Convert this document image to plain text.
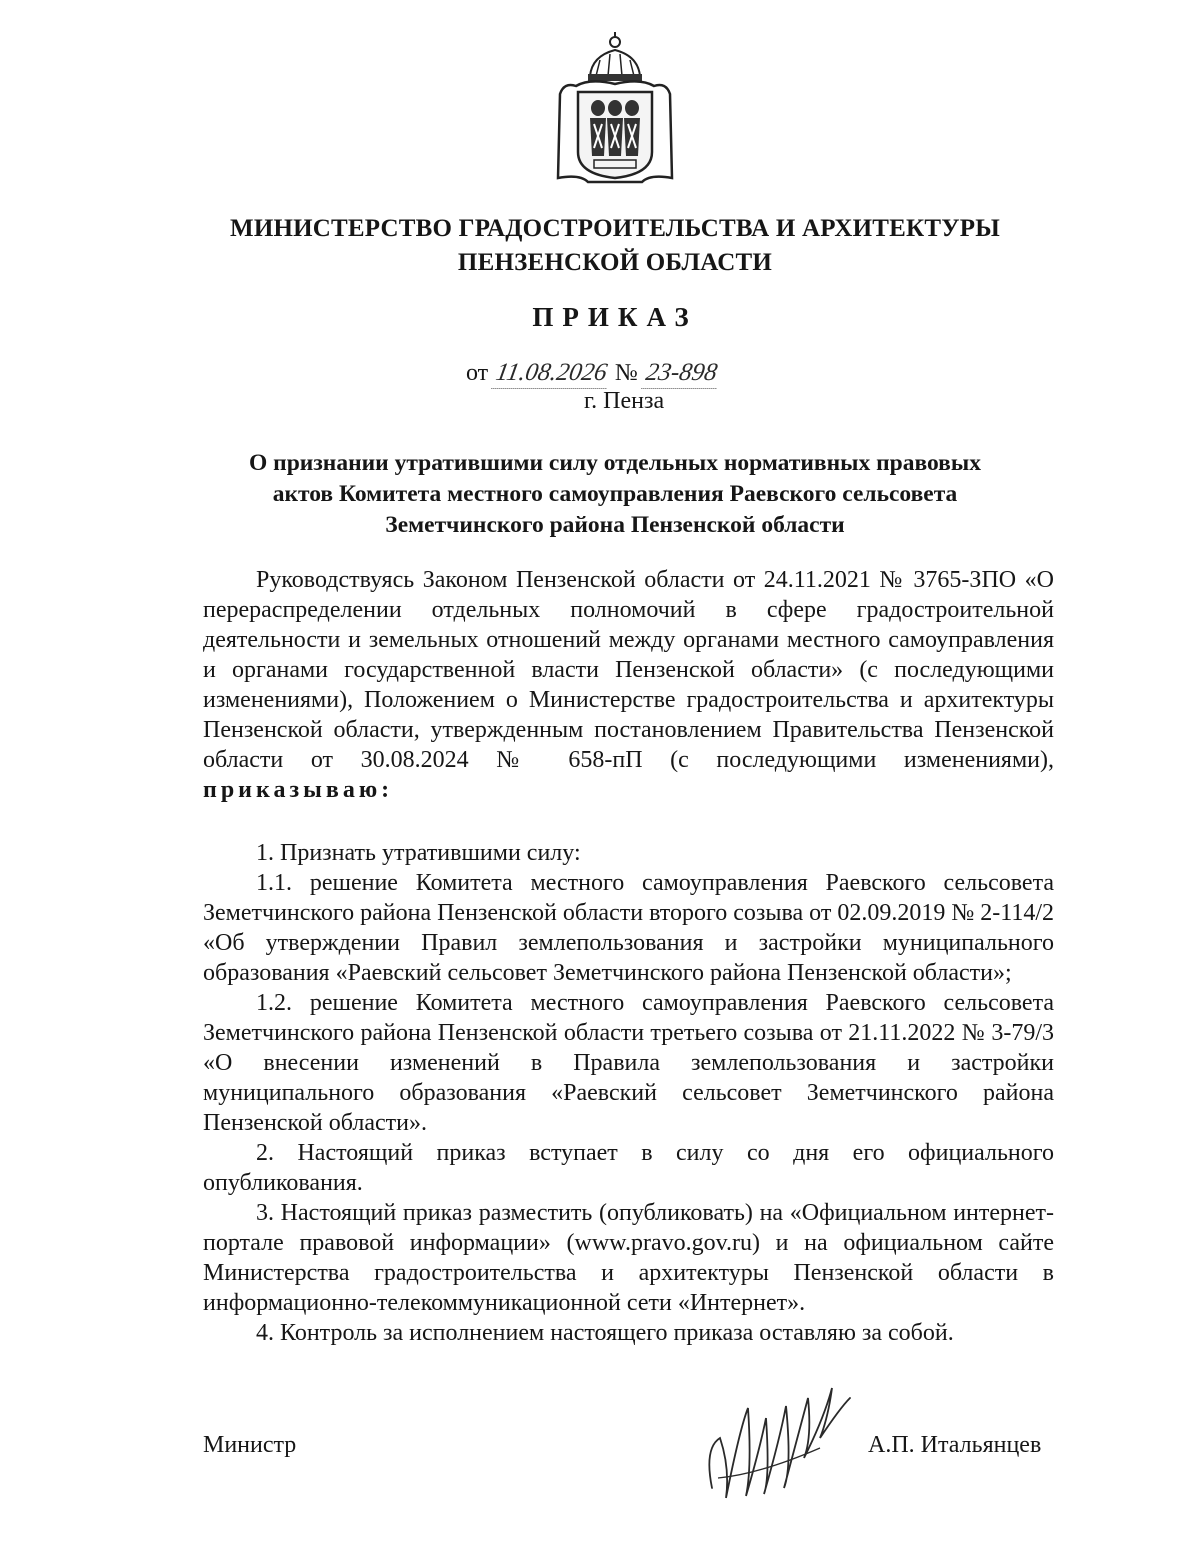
МИНИСТЕРСТВО ГРАДОСТРОИТЕЛЬСТВА И АРХИТЕКТУРЫ
ПЕНЗЕНСКОЙ ОБЛАСТИ
ПРИКАЗ
от 11.08.2026 № 23-898
г. Пенза
О признании утратившими силу отдельных нормативных правовых
актов Комитета местного самоуправления Раевского сельсовета
Земетчинского района Пензенской области

Руководствуясь Законом Пензенской области от 24.11.2021 № 3765-ЗПО «О перераспределении отдельных полномочий в сфере градостроительной деятельности и земельных отношений между органами местного самоуправления и органами государственной власти Пензенской области» (с последующими изменениями), Положением о Министерстве градостроительства и архитектуры Пензенской области, утвержденным постановлением Правительства Пензенской области от 30.08.2024 № 658-пП (с последующими изменениями), приказываю:

1. Признать утратившими силу:

1.1. решение Комитета местного самоуправления Раевского сельсовета Земетчинского района Пензенской области второго созыва от 02.09.2019 № 2-114/2 «Об утверждении Правил землепользования и застройки муниципального образования «Раевский сельсовет Земетчинского района Пензенской области»;

1.2. решение Комитета местного самоуправления Раевского сельсовета Земетчинского района Пензенской области третьего созыва от 21.11.2022 № 3-79/3 «О внесении изменений в Правила землепользования и застройки муниципального образования «Раевский сельсовет Земетчинского района Пензенской области».

2. Настоящий приказ вступает в силу со дня его официального опубликования.

3. Настоящий приказ разместить (опубликовать) на «Официальном интернет-портале правовой информации» (www.pravo.gov.ru) и на официальном сайте Министерства градостроительства и архитектуры Пензенской области в информационно-телекоммуникационной сети «Интернет».

4. Контроль за исполнением настоящего приказа оставляю за собой.

Министр	А.П. Итальянцев
